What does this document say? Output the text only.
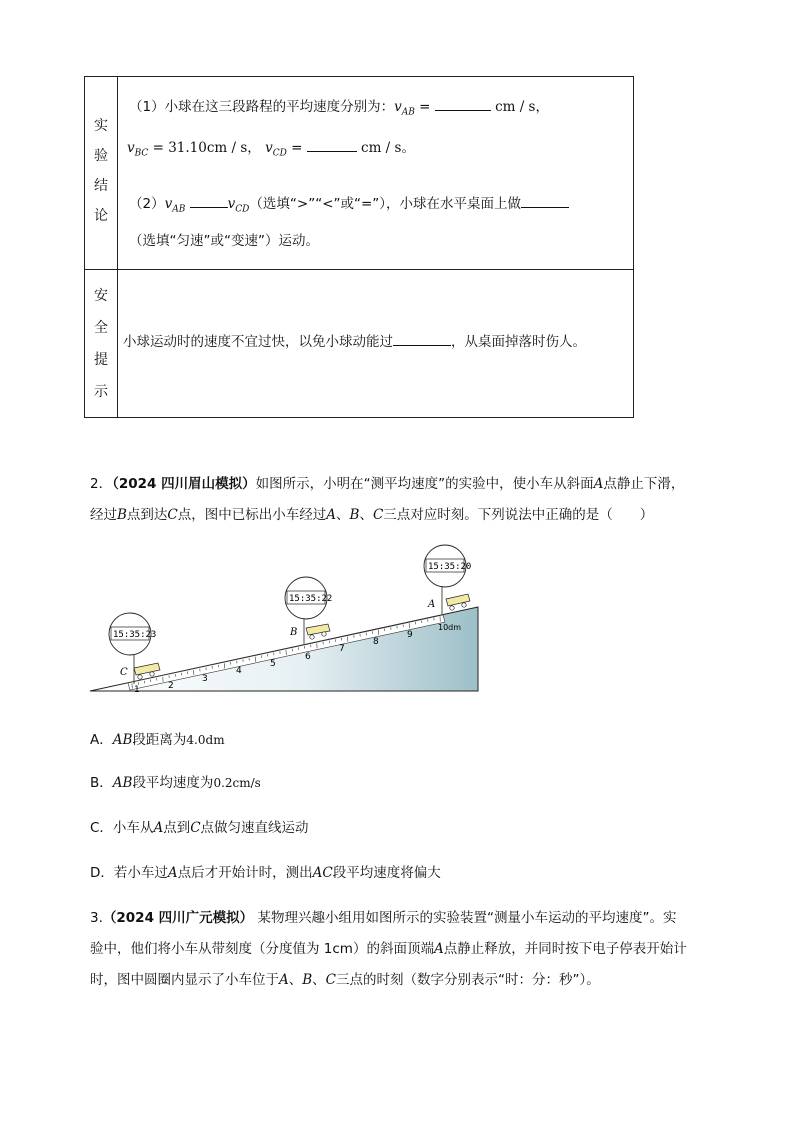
实
验
结
论
安
全
提
示
（1）小球在这三段路程的平均速度分别为：$v_{AB}$ =	cm / s，
$v_{BC} = 31.10cm / s$， $v_{CD}$ =	cm / s。
$(2)v_{AB}$	$v_{CD}$（选填“>”“<”或“=”），小球在水平桌面上做
（选填“匀速”或“变速”）运动。
小球运动时的速度不宜过快，以免小球动能过	，从桌面掉落时伤人。
2．（2024 四川眉山模拟）如图所示，小明在“测平均速度”的实验中，使小车从斜面A点静止下滑，
经过B点到达C点，图中已标出小车经过A、B、C三点对应时刻。下列说法中正确的是（　　）
1	2
3
4
5
6
7
8
9
10dm
A
15:35:20
B
15:35:22
C
15:35:23
A．AB段距离为4.0dm
B．AB段平均速度为0.2cm/s
C．小车从A点到C点做匀速直线运动
D．若小车过A点后才开始计时，测出AC段平均速度将偏大
3.（2024 四川广元模拟） 某物理兴趣小组用如图所示的实验装置“测量小车运动的平均速度”。实
验中，他们将小车从带刻度（分度值为 1cm）的斜面顶端A点静止释放，并同时按下电子停表开始计
时，图中圆圈内显示了小车位于A、B、C三点的时刻（数字分别表示“时：分：秒”）。
